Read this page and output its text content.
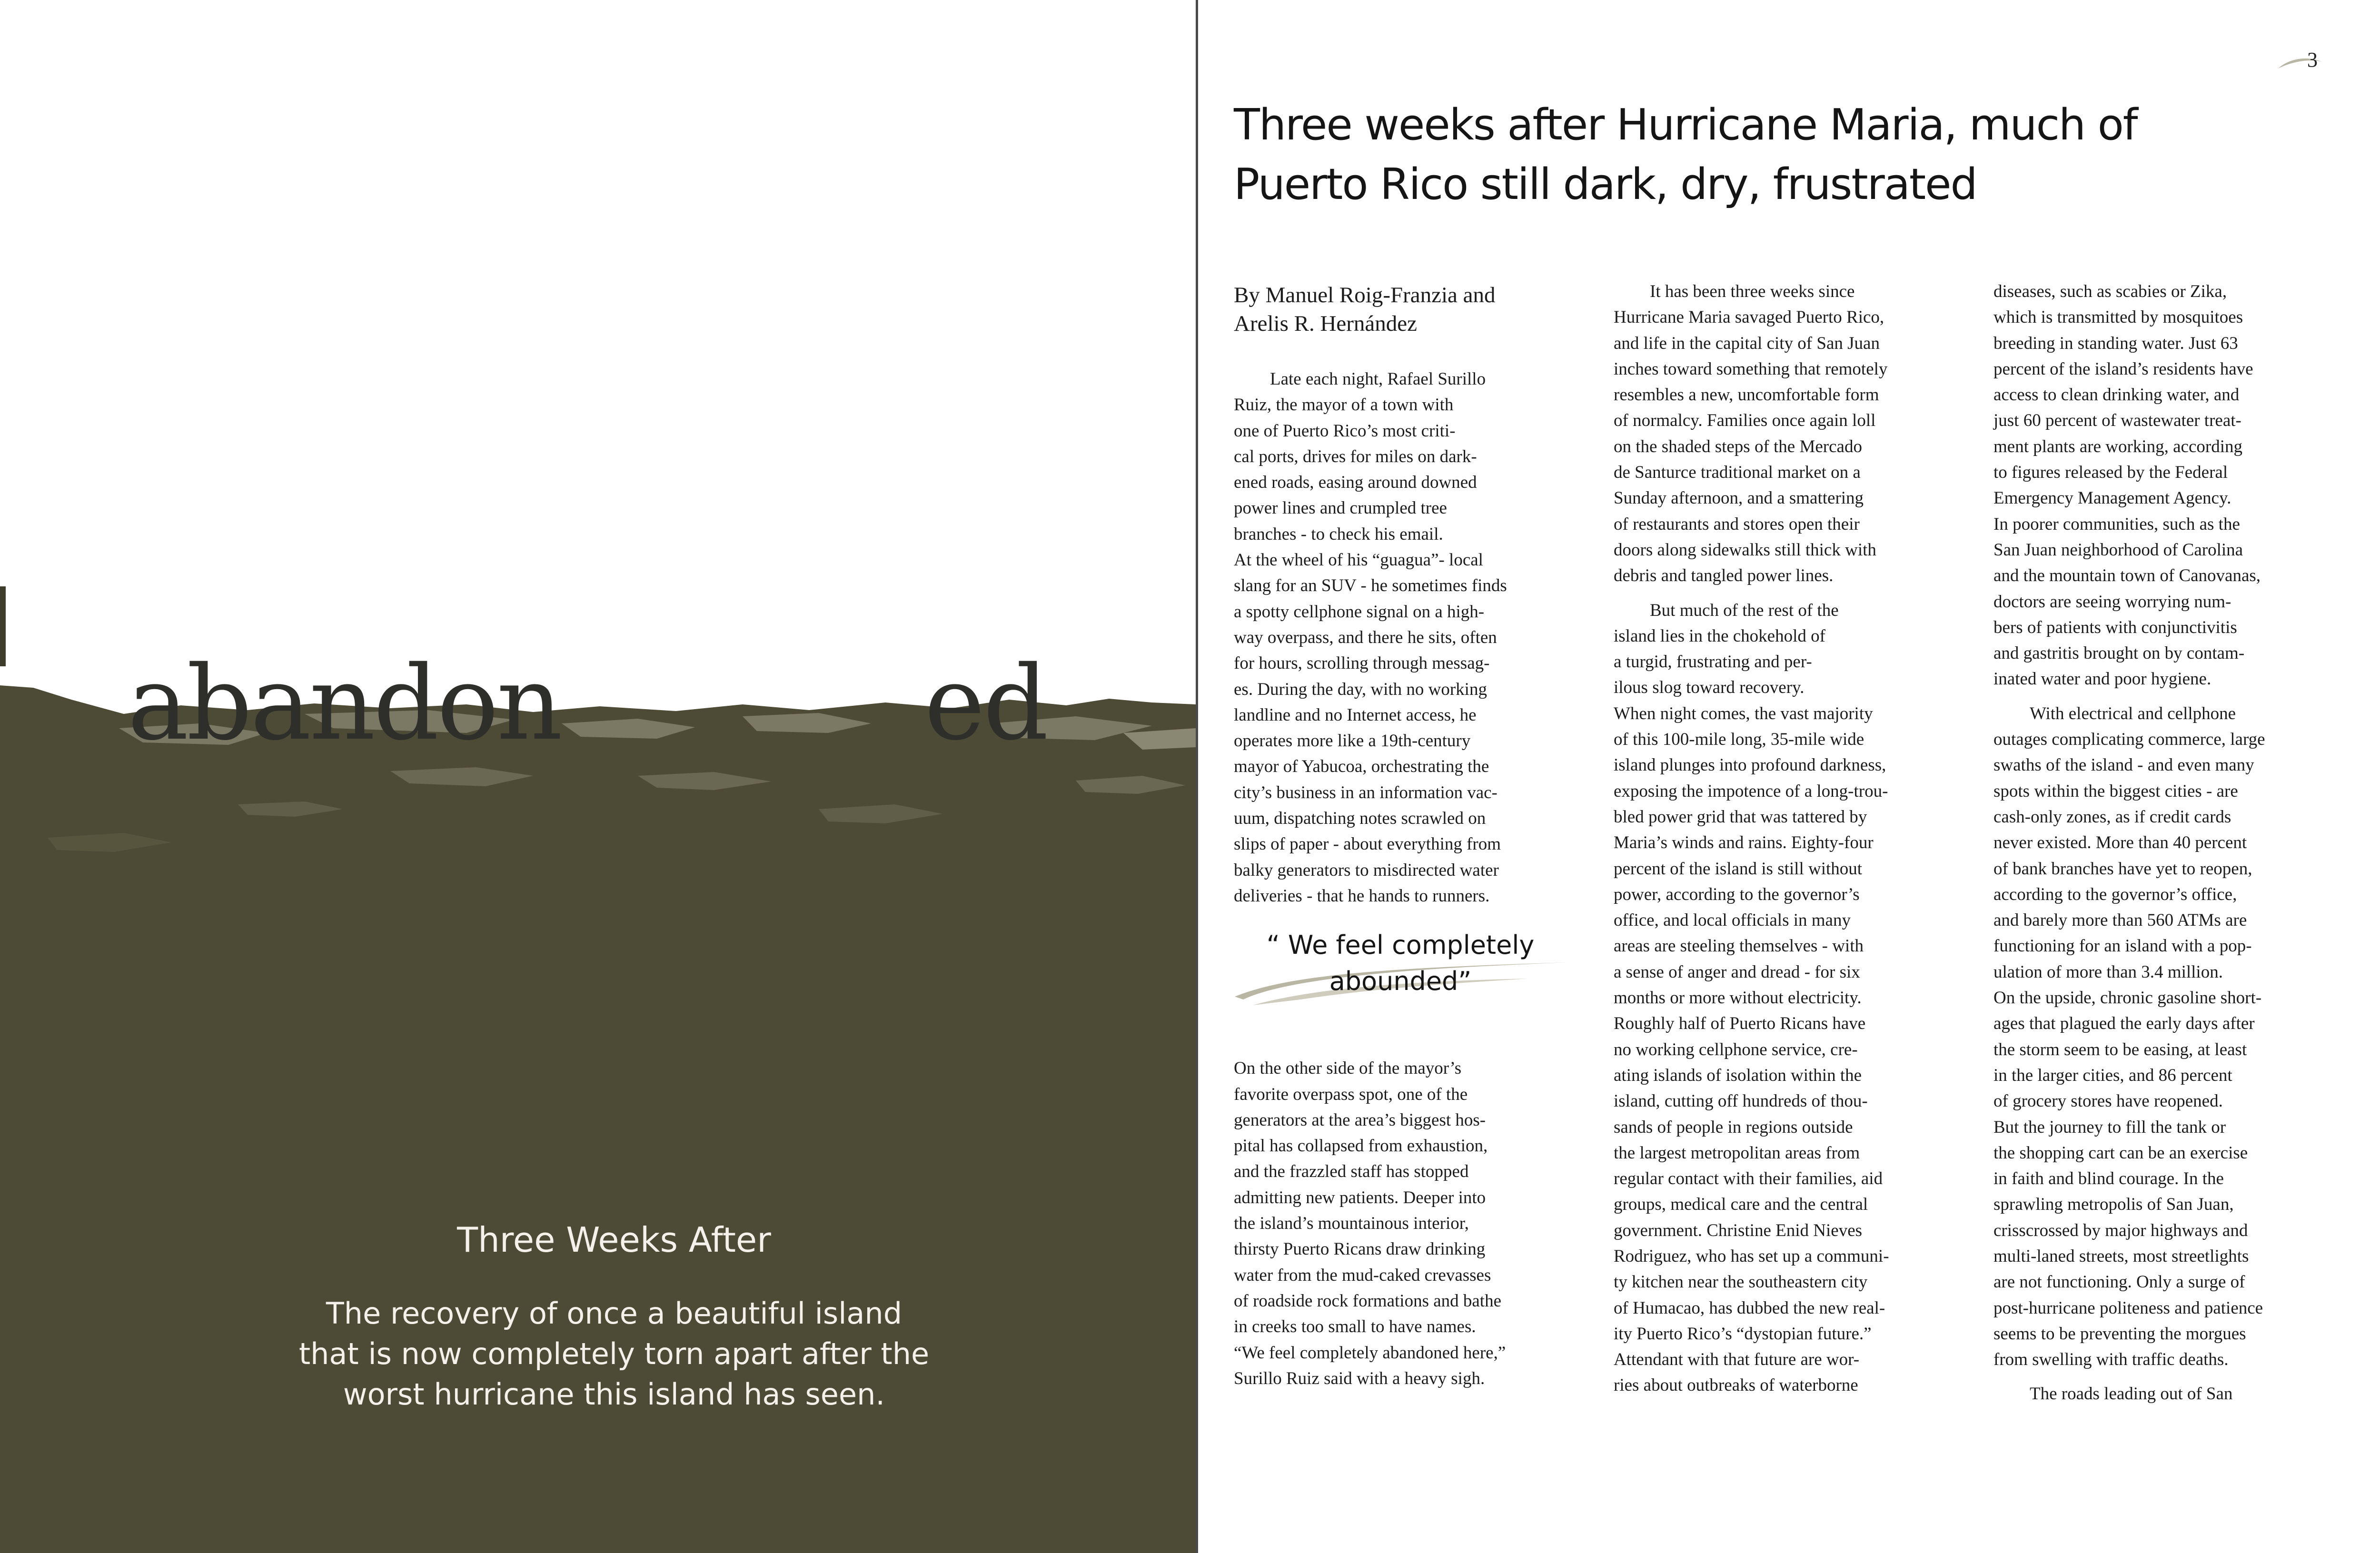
abandon	ed
Three Weeks After
The recovery of once a beautiful island
that is now completely torn apart after the
worst hurricane this island has seen.
3
Three weeks after Hurricane Maria, much of
Puerto Rico still dark, dry, frustrated
By Manuel Roig-Franzia and
Arelis R. Hernández
Late each night, Rafael Surillo
Ruiz, the mayor of a town with
one of Puerto Rico’s most criti-
cal ports, drives for miles on dark-
ened roads, easing around downed
power lines and crumpled tree
branches - to check his email.
At the wheel of his “guagua”- local
slang for an SUV - he sometimes finds
a spotty cellphone signal on a high-
way overpass, and there he sits, often
for hours, scrolling through messag-
es. During the day, with no working
landline and no Internet access, he
operates more like a 19th-century
mayor of Yabucoa, orchestrating the
city’s business in an information vac-
uum, dispatching notes scrawled on
slips of paper - about everything from
balky generators to misdirected water
deliveries - that he hands to runners.
“ We feel completely
abounded”
On the other side of the mayor’s
favorite overpass spot, one of the
generators at the area’s biggest hos-
pital has collapsed from exhaustion,
and the frazzled staff has stopped
admitting new patients. Deeper into
the island’s mountainous interior,
thirsty Puerto Ricans draw drinking
water from the mud-caked crevasses
of roadside rock formations and bathe
in creeks too small to have names.
“We feel completely abandoned here,”
Surillo Ruiz said with a heavy sigh.
It has been three weeks since
Hurricane Maria savaged Puerto Rico,
and life in the capital city of San Juan
inches toward something that remotely
resembles a new, uncomfortable form
of normalcy. Families once again loll
on the shaded steps of the Mercado
de Santurce traditional market on a
Sunday afternoon, and a smattering
of restaurants and stores open their
doors along sidewalks still thick with
debris and tangled power lines.
But much of the rest of the
island lies in the chokehold of
a turgid, frustrating and per-
ilous slog toward recovery.
When night comes, the vast majority
of this 100-mile long, 35-mile wide
island plunges into profound darkness,
exposing the impotence of a long-trou-
bled power grid that was tattered by
Maria’s winds and rains. Eighty-four
percent of the island is still without
power, according to the governor’s
office, and local officials in many
areas are steeling themselves - with
a sense of anger and dread - for six
months or more without electricity.
Roughly half of Puerto Ricans have
no working cellphone service, cre-
ating islands of isolation within the
island, cutting off hundreds of thou-
sands of people in regions outside
the largest metropolitan areas from
regular contact with their families, aid
groups, medical care and the central
government. Christine Enid Nieves
Rodriguez, who has set up a communi-
ty kitchen near the southeastern city
of Humacao, has dubbed the new real-
ity Puerto Rico’s “dystopian future.”
Attendant with that future are wor-
ries about outbreaks of waterborne
diseases, such as scabies or Zika,
which is transmitted by mosquitoes
breeding in standing water. Just 63
percent of the island’s residents have
access to clean drinking water, and
just 60 percent of wastewater treat-
ment plants are working, according
to figures released by the Federal
Emergency Management Agency.
In poorer communities, such as the
San Juan neighborhood of Carolina
and the mountain town of Canovanas,
doctors are seeing worrying num-
bers of patients with conjunctivitis
and gastritis brought on by contam-
inated water and poor hygiene.
With electrical and cellphone
outages complicating commerce, large
swaths of the island - and even many
spots within the biggest cities - are
cash-only zones, as if credit cards
never existed. More than 40 percent
of bank branches have yet to reopen,
according to the governor’s office,
and barely more than 560 ATMs are
functioning for an island with a pop-
ulation of more than 3.4 million.
On the upside, chronic gasoline short-
ages that plagued the early days after
the storm seem to be easing, at least
in the larger cities, and 86 percent
of grocery stores have reopened.
But the journey to fill the tank or
the shopping cart can be an exercise
in faith and blind courage. In the
sprawling metropolis of San Juan,
crisscrossed by major highways and
multi-laned streets, most streetlights
are not functioning. Only a surge of
post-hurricane politeness and patience
seems to be preventing the morgues
from swelling with traffic deaths.
The roads leading out of San
